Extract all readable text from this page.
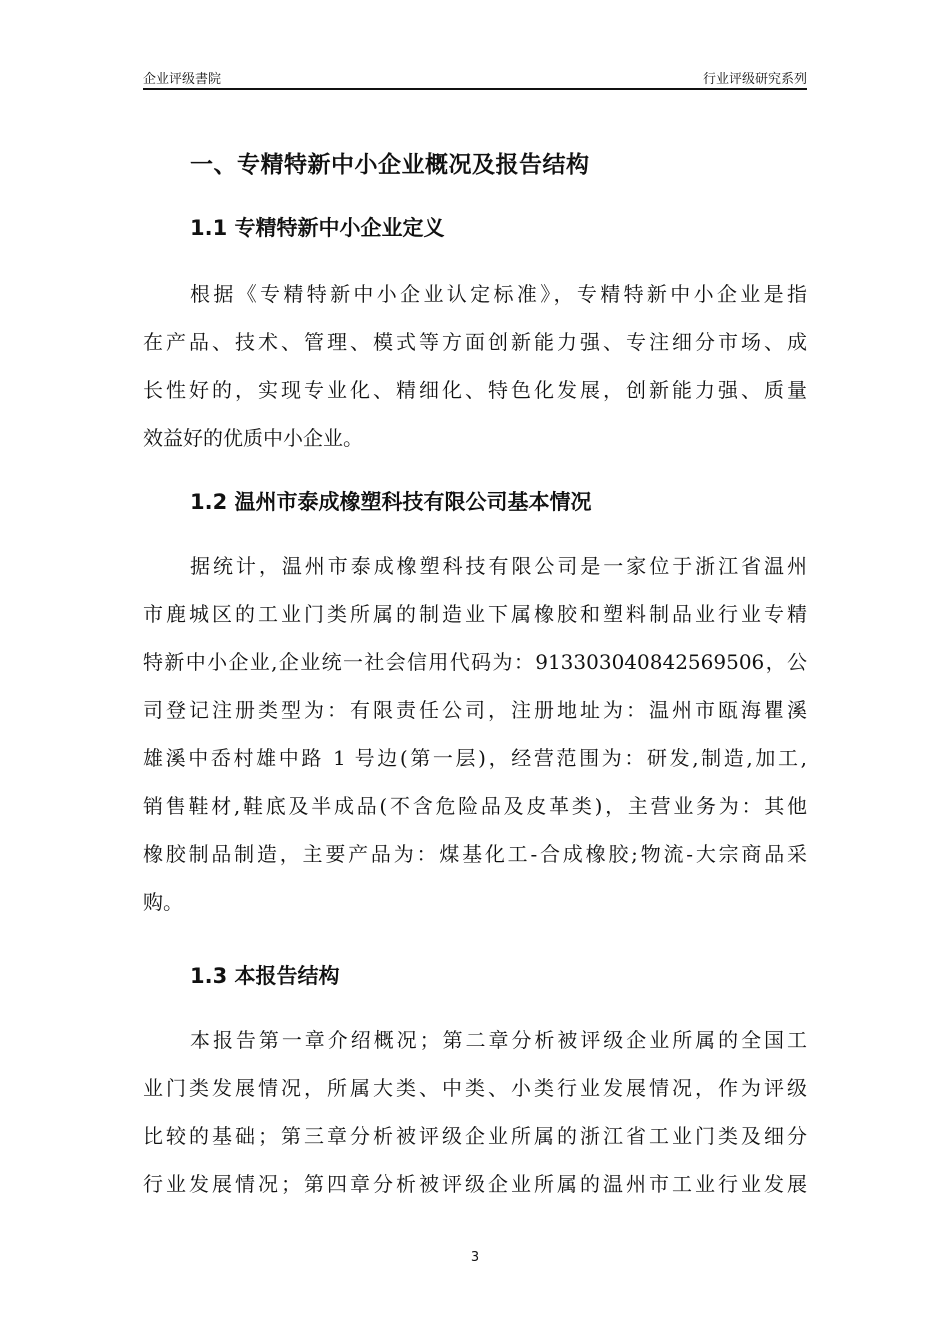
企业评级書院	行业评级研究系列
一、专精特新中小企业概况及报告结构
1.1 专精特新中小企业定义
根据《专精特新中小企业认定标准》，专精特新中小企业是指
在产品、技术、管理、模式等方面创新能力强、专注细分市场、成
长性好的，实现专业化、精细化、特色化发展，创新能力强、质量
效益好的优质中小企业。
1.2 温州市泰成橡塑科技有限公司基本情况
据统计，温州市泰成橡塑科技有限公司是一家位于浙江省温州
市鹿城区的工业门类所属的制造业下属橡胶和塑料制品业行业专精
特新中小企业,企业统一社会信用代码为：91330304084256950​6，公
司登记注册类型为：有限责任公司，注册地址为：温州市瓯海瞿溪
雄溪中岙村雄中路 1 号边(第一层)，经营范围为：研发,制造,加工,
销售鞋材,鞋底及半成品(不含危险品及皮革类)，主营业务为：其他
橡胶制品制造，主要产品为：煤基化工-合成橡胶;物流-大宗商品采
购。
1.3 本报告结构
本报告第一章介绍概况；第二章分析被评级企业所属的全国工
业门类发展情况，所属大类、中类、小类行业发展情况，作为评级
比较的基础；第三章分析被评级企业所属的浙江省工业门类及细分
行业发展情况；第四章分析被评级企业所属的温州市工业行业发展
3
